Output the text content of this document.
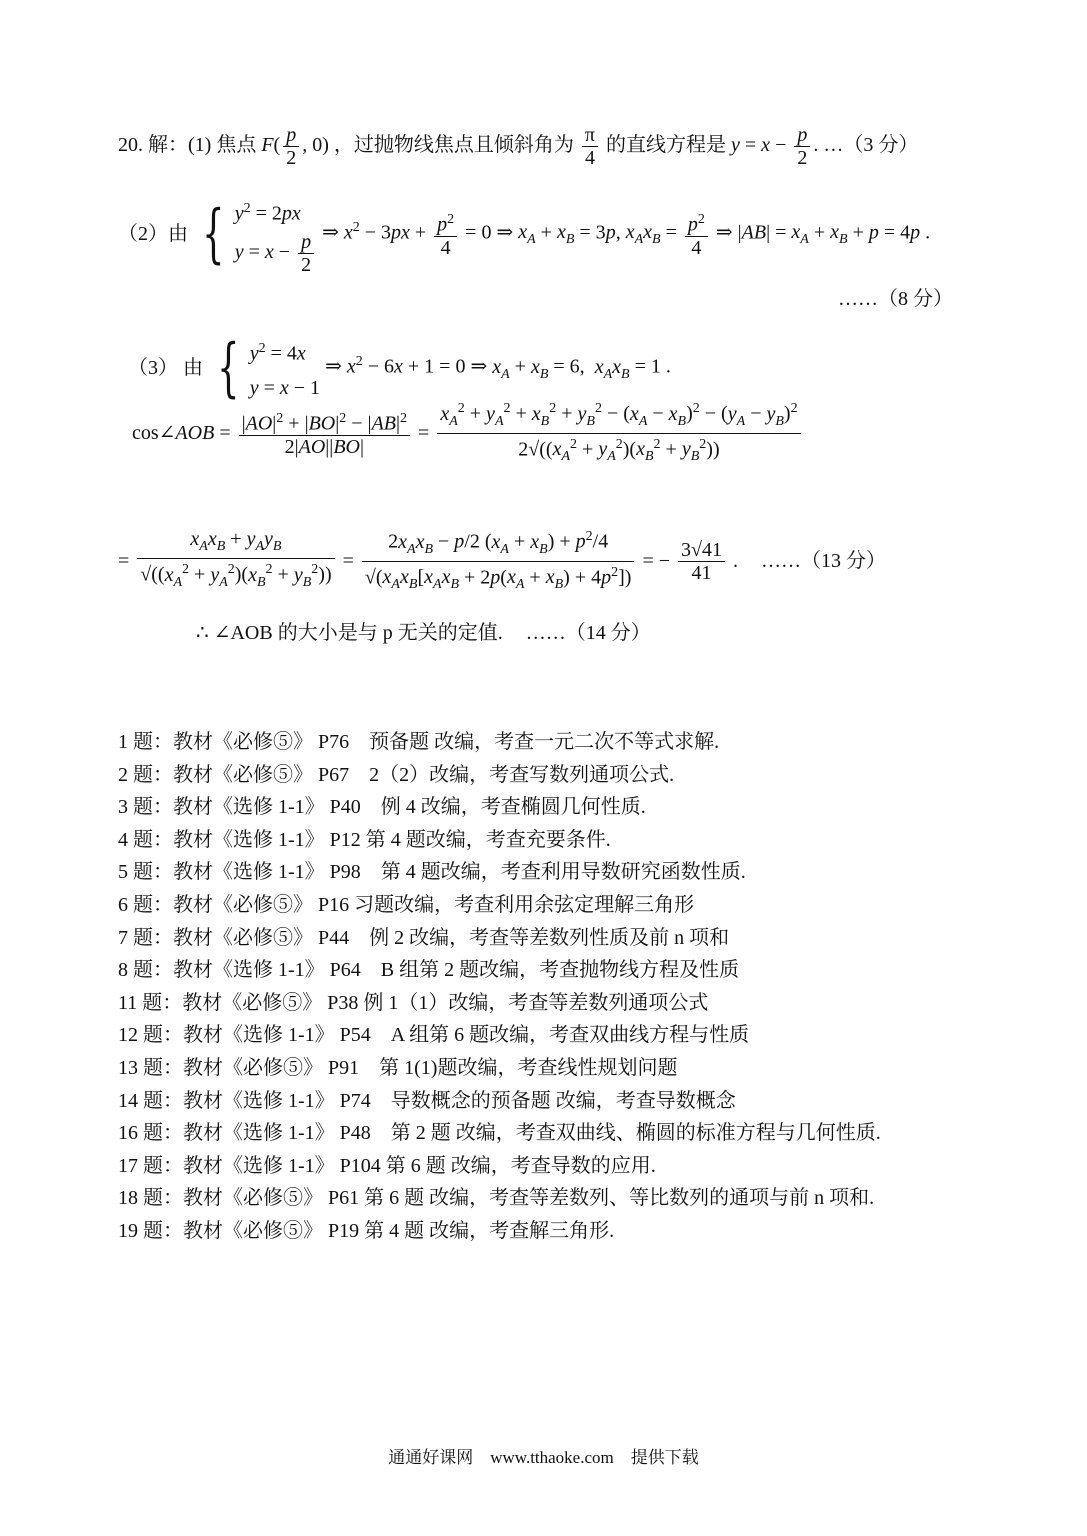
20. 解：(1) 焦点 $F( \frac{p}{2}$ , 0) ，过抛物线焦点且倾斜角为 $\frac{\pi}{4}$ 的直线方程是 $y = x - \frac{p}{2}$ . …（3 分）
（2）由 { $y^2 = 2px$
$y = x - \frac{p}{2}$ ⇒ $x^2 - 3px + \frac{p^2}{4} = 0$ ⇒ $x_A + x_B = 3p$, $x_Ax_B = \frac{p^2}{4}$ ⇒ $|AB| = x_A + x_B + p = 4p$ .
……（8 分）
（3） 由 { $y^2 = 4x$
y = x − 1
⇒ $x^2 - 6x + 1 = 0$ ⇒ $x_A + x_B = 6$,  $x_Ax_B = 1$ .
cos∠AOB = $\frac{|AO|^2 + |BO|^2 - |AB|^2}{2|AO||BO|} = \frac{x_A^2 + y_A^2 + x_B^2 + y_B^2 - (x_A - x_B)^2 - (y_A - y_B)^2}{2√((x_A^2 + y_A^2)(x_B^2 + y_B^2))}$
= $\frac{x_Ax_B + y_Ay_B}{√((x_A^2 + y_A^2)(x_B^2 + y_B^2))} = \frac{2x_Ax_B - p/2 (x_A + x_B) + p^2/4}{√(x_Ax_B[x_Ax_B + 2p(x_A + x_B) + 4p^2])}$ = − $\frac{3√41}{41}$ . ……（13 分）
∴ ∠AOB 的大小是与 p 无关的定值. ……（14 分）
1 题：教材《必修⑤》 P76　预备题 改编，考查一元二次不等式求解.
2 题：教材《必修⑤》 P67　2（2）改编，考查写数列通项公式.
3 题：教材《选修 1-1》 P40　例 4 改编，考查椭圆几何性质.
4 题：教材《选修 1-1》 P12 第 4 题改编，考查充要条件.
5 题：教材《选修 1-1》 P98　第 4 题改编，考查利用导数研究函数性质.
6 题：教材《必修⑤》 P16 习题改编，考查利用余弦定理解三角形
7 题：教材《必修⑤》 P44　例 2 改编，考查等差数列性质及前 n 项和
8 题：教材《选修 1-1》 P64　B 组第 2 题改编，考查抛物线方程及性质
11 题：教材《必修⑤》 P38 例 1（1）改编，考查等差数列通项公式
12 题：教材《选修 1-1》 P54　A 组第 6 题改编，考查双曲线方程与性质
13 题：教材《必修⑤》 P91　第 1(1)题改编，考查线性规划问题
14 题：教材《选修 1-1》 P74　导数概念的预备题 改编，考查导数概念
16 题：教材《选修 1-1》 P48　第 2 题 改编，考查双曲线、椭圆的标准方程与几何性质.
17 题：教材《选修 1-1》 P104 第 6 题 改编，考查导数的应用.
18 题：教材《必修⑤》 P61 第 6 题 改编，考查等差数列、等比数列的通项与前 n 项和.
19 题：教材《必修⑤》 P19 第 4 题 改编，考查解三角形.
通通好课网　www.tthaoke.com　提供下载
